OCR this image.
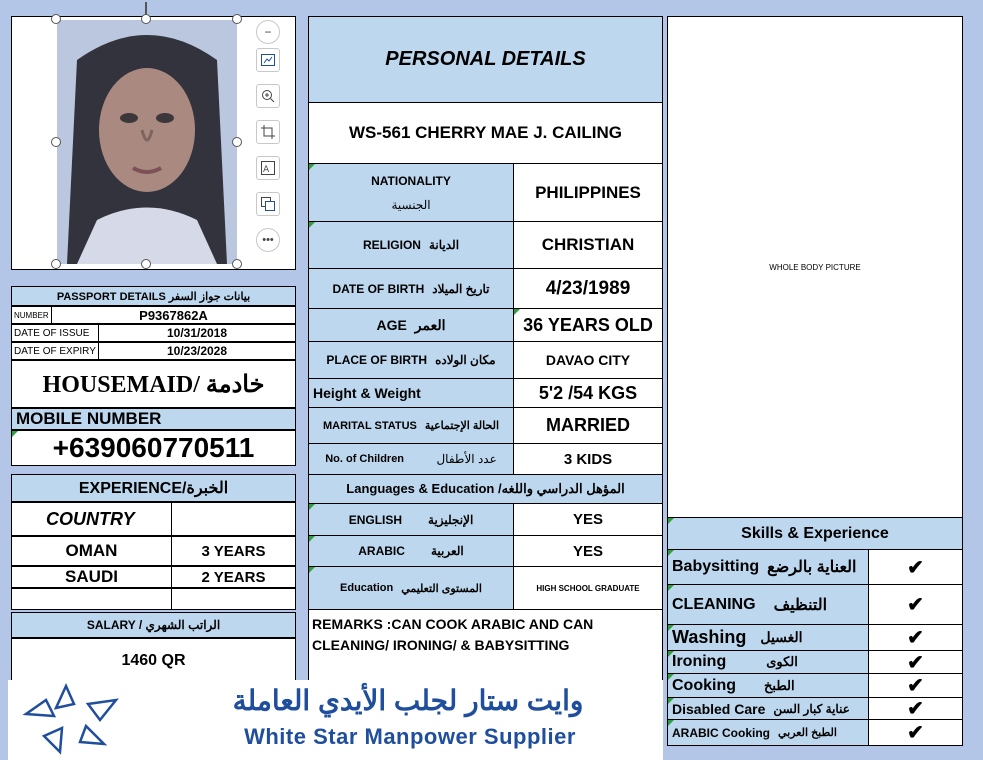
−
A
•••
PASSPORT DETAILS بيانات جواز السفر
NUMBER	P9367862A
DATE OF ISSUE	10/31/2018
DATE OF EXPIRY	10/23/2028
HOUSEMAID/ خادمة
MOBILE NUMBER
+639060770511
EXPERIENCE/الخبرة
COUNTRY
OMAN	3 YEARS
SAUDI	2 YEARS
SALARY / الراتب الشهري
1460 QR
PERSONAL DETAILS
WS-561 CHERRY MAE J. CAILING
NATIONALITY
الجنسية
PHILIPPINES
RELIGION الديانة	CHRISTIAN
DATE OF BIRTH تاريخ الميلاد	4/23/1989
AGE العمر	36 YEARS OLD
PLACE OF BIRTH مكان الولاده	DAVAO CITY
Height & Weight	5'2 /54 KGS
MARITAL STATUS الحالة الإجتماعية	MARRIED
No. of Children	عدد الأطفال	3 KIDS
Languages & Education /المؤهل الدراسي واللغه
ENGLISH الإنجليزية	YES
ARABIC العربية	YES
Education المستوى التعليمي	HIGH SCHOOL GRADUATE
REMARKS :CAN COOK ARABIC AND CAN CLEANING/ IRONING/ & BABYSITTING
WHOLE BODY PICTURE
Skills & Experience
Babysitting العناية بالرضع	✔
CLEANING التنظيف	✔
Washing الغسيل	✔
Ironing	الكوى	✔
Cooking الطبخ	✔
Disabled Care عناية كبار السن	✔
ARABIC Cooking الطبخ العربي	✔
وايت ستار لجلب الأيدي العاملة
White Star Manpower Supplier
